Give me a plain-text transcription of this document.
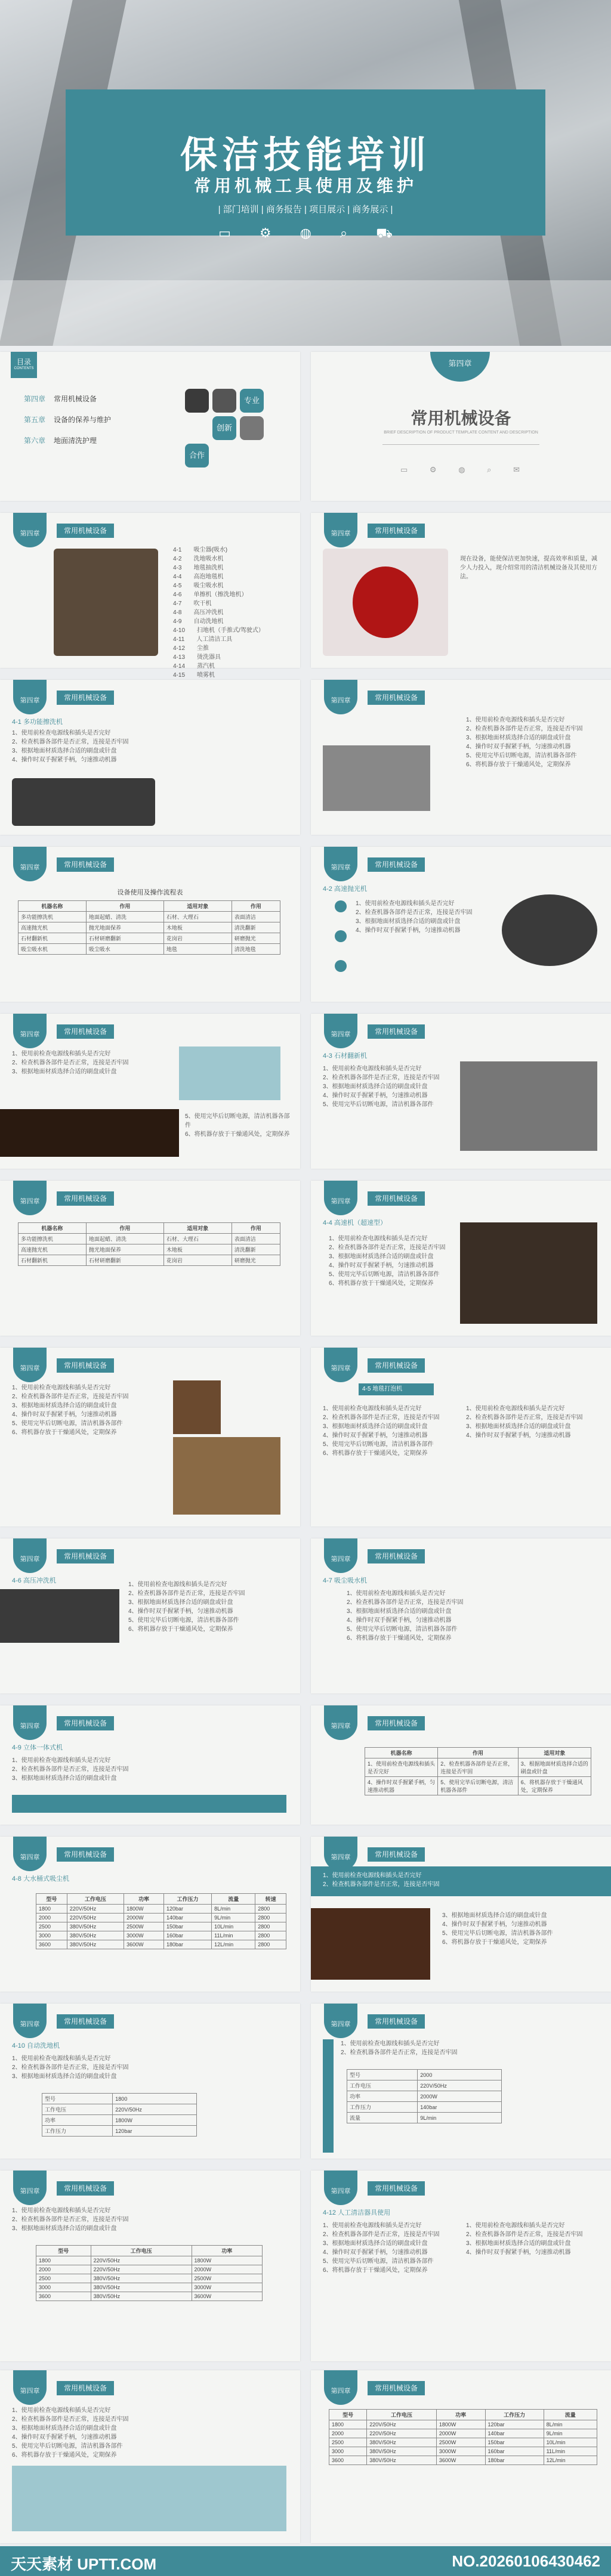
保洁技能培训
常用机械工具使用及维护
| 部门培训 | 商务报告 | 项目展示 | 商务展示 |
▭ ⚙ ◍ ⌕ ⛟
目录
CONTENTS
第四章 常用机械设备
第五章 设备的保养与维护
第六章 地面清洗护理
专业
创新
合作
第四章
常用机械设备
BRIEF DESCRIPTION OF PRODUCT TEMPLATE CONTENT AND DESCRIPTION
▭	⚙	◍	⌕	✉
第四章	常用机械设备
4-1　　吸尘器(吸水)
4-2　　洗地吸水机
4-3　　地毯抽洗机
4-4　　高泡地毯机
4-5　　吸尘吸水机
4-6　　单擦机（擦洗地机）
4-7　　吹干机
4-8　　高压冲洗机
4-9　　自动洗地机
4-10　　扫地机（手推式/驾驶式）
4-11　　人工清洁工具
4-12　　尘推
4-13　　烫洗器具
4-14　　蒸汽机
4-15　　喷雾机
第四章	常用机械设备
现在设备，能使保洁更加快速，提高效率和质量，减少人力投入，现介绍常用的清洁机械设备及其使用方法。
第四章	常用机械设备
4-1 多功能擦洗机
1、使用前检查电源线和插头是否完好
2、检查机器各部件是否正常，连接是否牢固
3、根据地面材质选择合适的刷盘或针盘
4、操作时双手握紧手柄，匀速推动机器
第四章	常用机械设备
1、使用前检查电源线和插头是否完好
2、检查机器各部件是否正常，连接是否牢固
3、根据地面材质选择合适的刷盘或针盘
4、操作时双手握紧手柄，匀速推动机器
5、使用完毕后切断电源，清洁机器各部件
6、将机器存放于干燥通风处，定期保养
第四章	常用机械设备
设备使用及操作流程表
机器名称	作用	适用对象	作用
多功能擦洗机	地面起蜡、清洗	石材、大理石	表面清洁
高速抛光机	抛光地面保养	木地板	清洗翻新
石材翻新机	石材研磨翻新	花岗岩	研磨抛光
吸尘吸水机	吸尘吸水	地毯	清洗地毯
第四章	常用机械设备
4-2 高速抛光机
1、使用前检查电源线和插头是否完好
2、检查机器各部件是否正常，连接是否牢固
3、根据地面材质选择合适的刷盘或针盘
4、操作时双手握紧手柄，匀速推动机器
第四章	常用机械设备
1、使用前检查电源线和插头是否完好
2、检查机器各部件是否正常，连接是否牢固
3、根据地面材质选择合适的刷盘或针盘
5、使用完毕后切断电源，清洁机器各部件
6、将机器存放于干燥通风处，定期保养
第四章	常用机械设备
4-3 石材翻新机
1、使用前检查电源线和插头是否完好
2、检查机器各部件是否正常，连接是否牢固
3、根据地面材质选择合适的刷盘或针盘
4、操作时双手握紧手柄，匀速推动机器
5、使用完毕后切断电源，清洁机器各部件
第四章	常用机械设备
机器名称	作用	适用对象	作用
多功能擦洗机	地面起蜡、清洗	石材、大理石	表面清洁
高速抛光机	抛光地面保养	木地板	清洗翻新
石材翻新机	石材研磨翻新	花岗岩	研磨抛光
第四章	常用机械设备
4-4 高速机（超速型）
1、使用前检查电源线和插头是否完好
2、检查机器各部件是否正常，连接是否牢固
3、根据地面材质选择合适的刷盘或针盘
4、操作时双手握紧手柄，匀速推动机器
5、使用完毕后切断电源，清洁机器各部件
6、将机器存放于干燥通风处，定期保养
第四章	常用机械设备
1、使用前检查电源线和插头是否完好
2、检查机器各部件是否正常，连接是否牢固
3、根据地面材质选择合适的刷盘或针盘
4、操作时双手握紧手柄，匀速推动机器
5、使用完毕后切断电源，清洁机器各部件
6、将机器存放于干燥通风处，定期保养
第四章	常用机械设备
4-5 地毯打泡机
1、使用前检查电源线和插头是否完好
2、检查机器各部件是否正常，连接是否牢固
3、根据地面材质选择合适的刷盘或针盘
4、操作时双手握紧手柄，匀速推动机器
5、使用完毕后切断电源，清洁机器各部件
6、将机器存放于干燥通风处，定期保养
1、使用前检查电源线和插头是否完好
2、检查机器各部件是否正常，连接是否牢固
3、根据地面材质选择合适的刷盘或针盘
4、操作时双手握紧手柄，匀速推动机器
第四章	常用机械设备
4-6 高压冲洗机
1、使用前检查电源线和插头是否完好
2、检查机器各部件是否正常，连接是否牢固
3、根据地面材质选择合适的刷盘或针盘
4、操作时双手握紧手柄，匀速推动机器
5、使用完毕后切断电源，清洁机器各部件
6、将机器存放于干燥通风处，定期保养
第四章	常用机械设备
4-7 吸尘吸水机
1、使用前检查电源线和插头是否完好
2、检查机器各部件是否正常，连接是否牢固
3、根据地面材质选择合适的刷盘或针盘
4、操作时双手握紧手柄，匀速推动机器
5、使用完毕后切断电源，清洁机器各部件
6、将机器存放于干燥通风处，定期保养
第四章	常用机械设备
4-9 立体一体式机
1、使用前检查电源线和插头是否完好
2、检查机器各部件是否正常，连接是否牢固
3、根据地面材质选择合适的刷盘或针盘
第四章	常用机械设备
机器名称	作用	适用对象
1、使用前检查电源线和插头是否完好	2、检查机器各部件是否正常，连接是否牢固	3、根据地面材质选择合适的刷盘或针盘
4、操作时双手握紧手柄，匀速推动机器	5、使用完毕后切断电源，清洁机器各部件	6、将机器存放于干燥通风处，定期保养
第四章	常用机械设备
4-8 大水桶式吸尘机
型号	工作电压	功率	工作压力	流量	转速
1800	220V/50Hz	1800W	120bar	8L/min	2800
2000	220V/50Hz	2000W	140bar	9L/min	2800
2500	380V/50Hz	2500W	150bar	10L/min	2800
3000	380V/50Hz	3000W	160bar	11L/min	2800
3600	380V/50Hz	3600W	180bar	12L/min	2800
第四章	常用机械设备
1、使用前检查电源线和插头是否完好
2、检查机器各部件是否正常，连接是否牢固
3、根据地面材质选择合适的刷盘或针盘
4、操作时双手握紧手柄，匀速推动机器
5、使用完毕后切断电源，清洁机器各部件
6、将机器存放于干燥通风处，定期保养
第四章	常用机械设备
4-10 自动洗地机
1、使用前检查电源线和插头是否完好
2、检查机器各部件是否正常，连接是否牢固
3、根据地面材质选择合适的刷盘或针盘
型号	1800
工作电压	220V/50Hz
功率	1800W
工作压力	120bar
第四章	常用机械设备
1、使用前检查电源线和插头是否完好
2、检查机器各部件是否正常，连接是否牢固
型号	2000
工作电压	220V/50Hz
功率	2000W
工作压力	140bar
流量	9L/min
第四章	常用机械设备
1、使用前检查电源线和插头是否完好
2、检查机器各部件是否正常，连接是否牢固
3、根据地面材质选择合适的刷盘或针盘
型号	工作电压	功率
1800	220V/50Hz	1800W
2000	220V/50Hz	2000W
2500	380V/50Hz	2500W
3000	380V/50Hz	3000W
3600	380V/50Hz	3600W
第四章	常用机械设备
4-12 人工清洁器具使用
1、使用前检查电源线和插头是否完好
2、检查机器各部件是否正常，连接是否牢固
3、根据地面材质选择合适的刷盘或针盘
4、操作时双手握紧手柄，匀速推动机器
5、使用完毕后切断电源，清洁机器各部件
6、将机器存放于干燥通风处，定期保养
1、使用前检查电源线和插头是否完好
2、检查机器各部件是否正常，连接是否牢固
3、根据地面材质选择合适的刷盘或针盘
4、操作时双手握紧手柄，匀速推动机器
第四章	常用机械设备
1、使用前检查电源线和插头是否完好
2、检查机器各部件是否正常，连接是否牢固
3、根据地面材质选择合适的刷盘或针盘
4、操作时双手握紧手柄，匀速推动机器
5、使用完毕后切断电源，清洁机器各部件
6、将机器存放于干燥通风处，定期保养
第四章	常用机械设备
型号	工作电压	功率	工作压力	流量
1800	220V/50Hz	1800W	120bar	8L/min
2000	220V/50Hz	2000W	140bar	9L/min
2500	380V/50Hz	2500W	150bar	10L/min
3000	380V/50Hz	3000W	160bar	11L/min
3600	380V/50Hz	3600W	180bar	12L/min
天天素材 UPTT.COM	NO.20260106430462
